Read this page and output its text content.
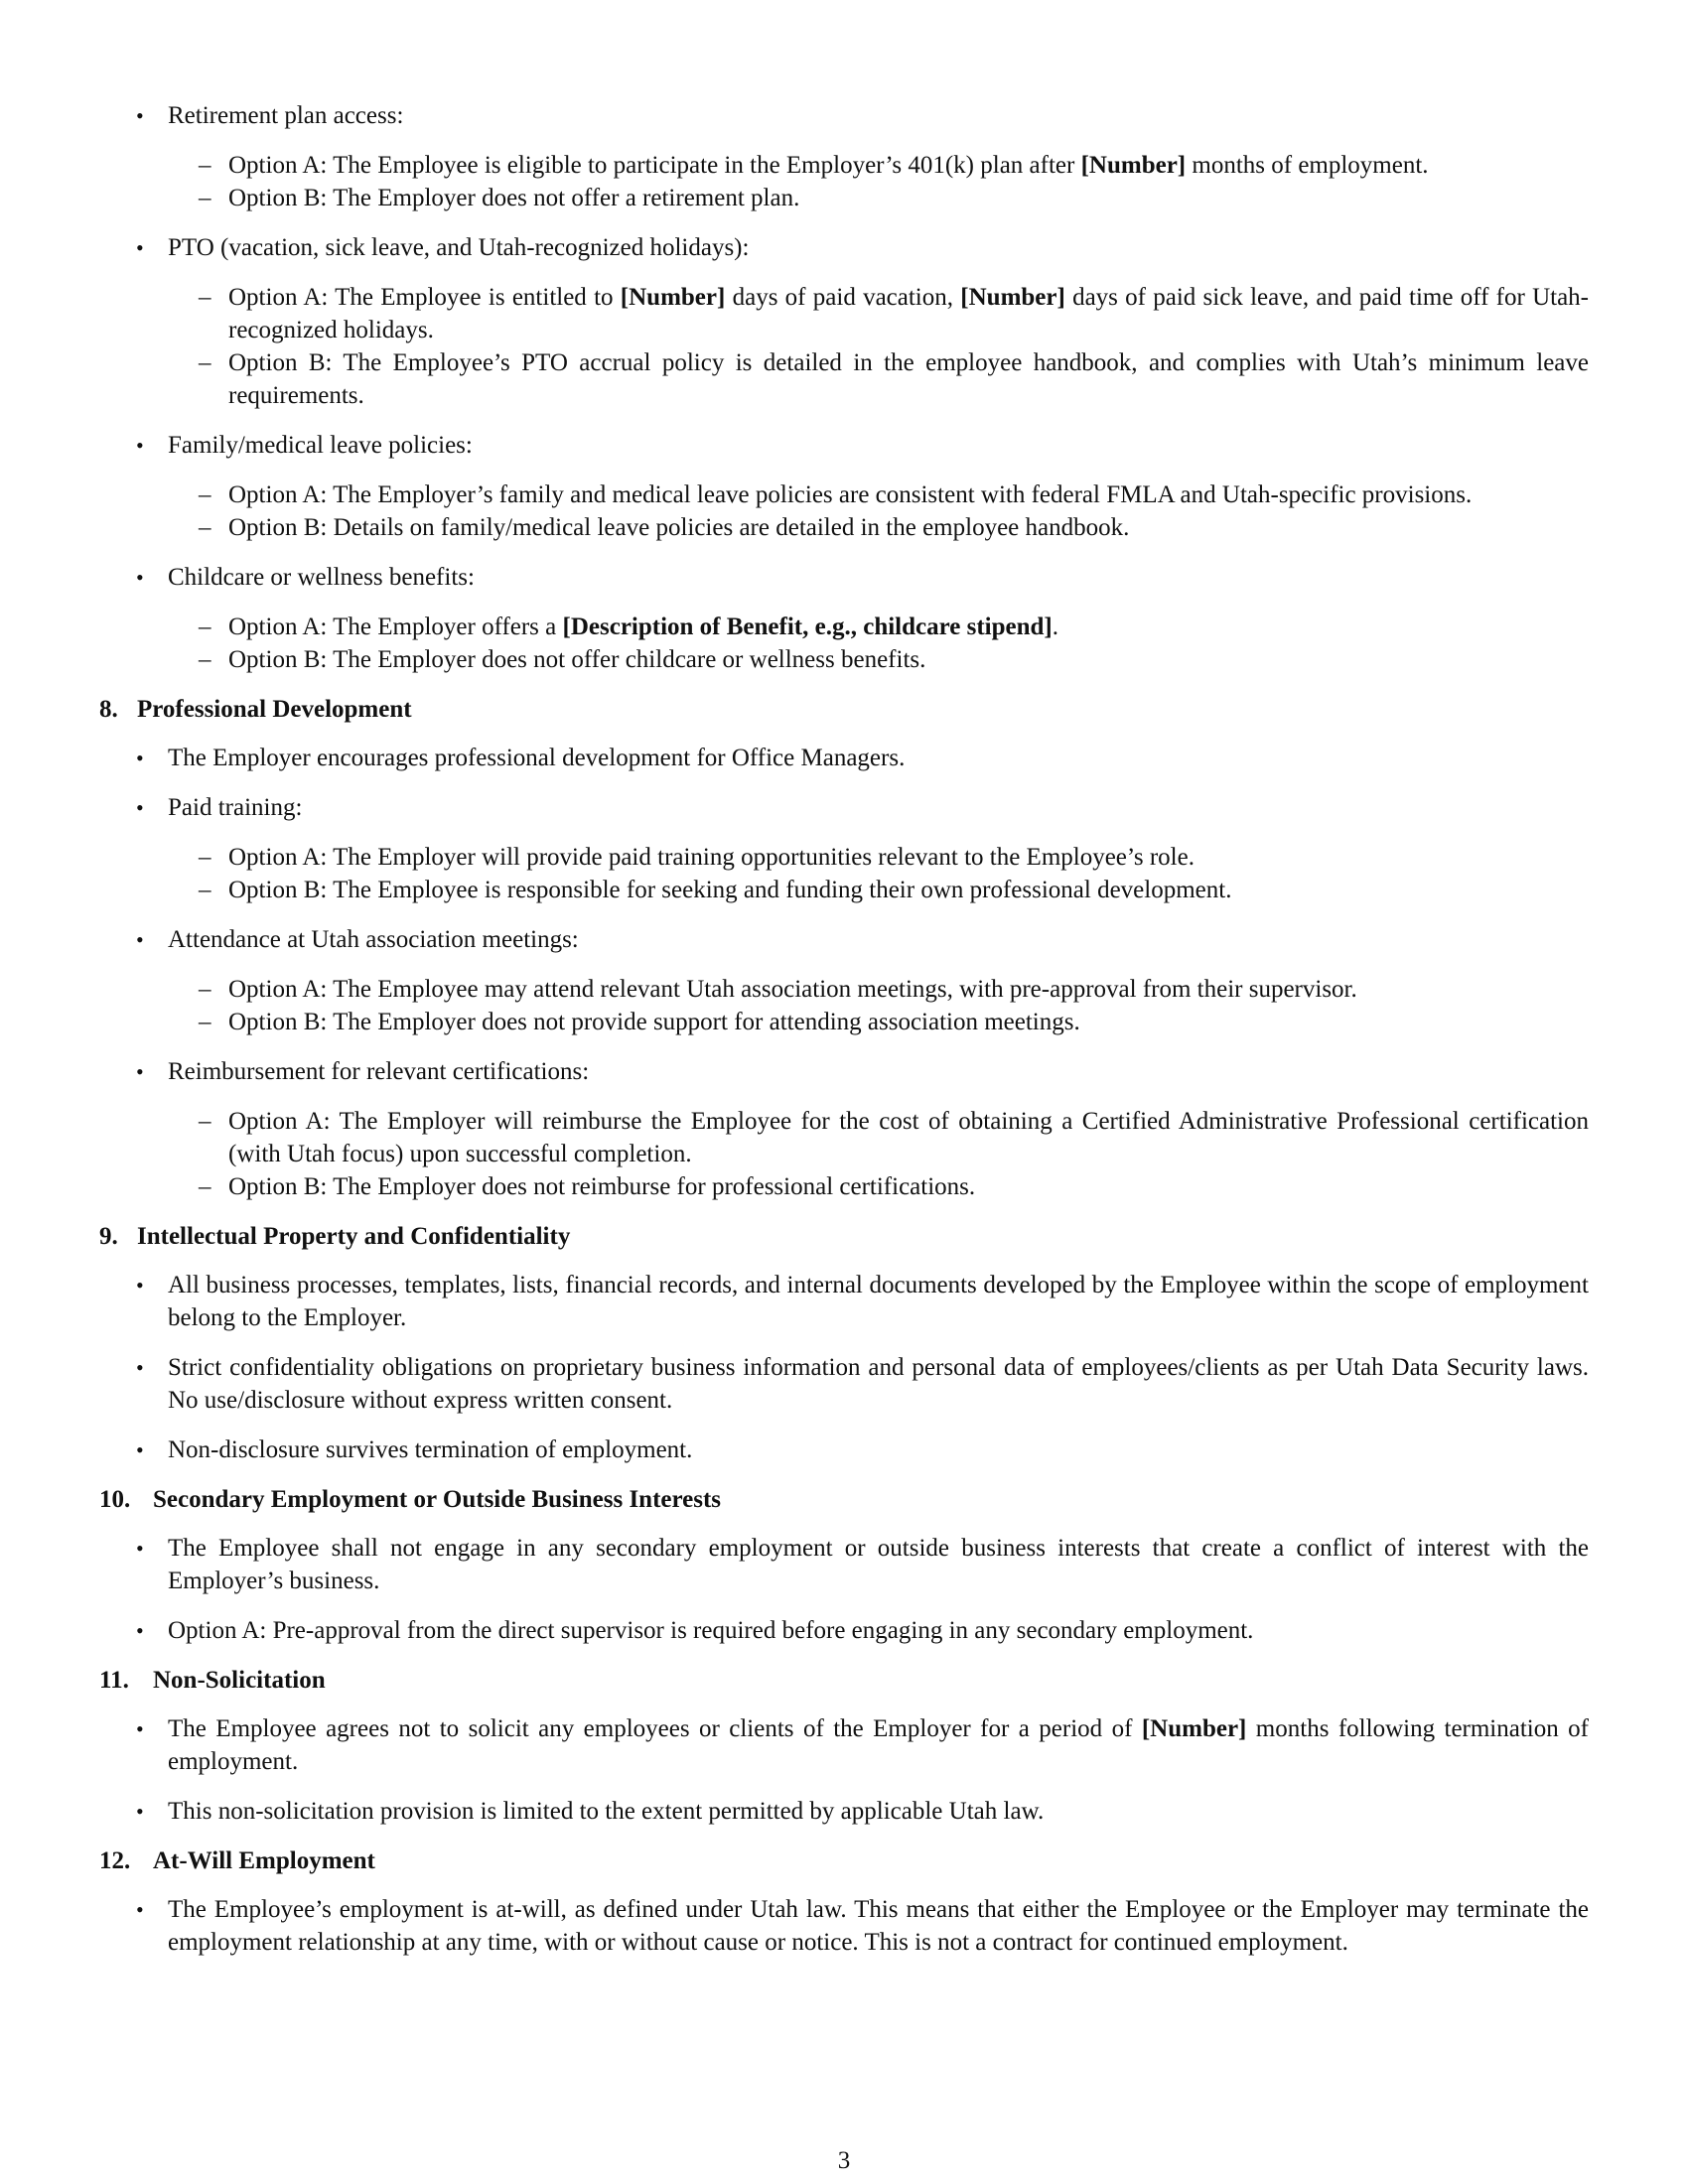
• Retirement plan access:
– Option A: The Employee is eligible to participate in the Employer’s 401(k) plan after [Number] months of employment.
– Option B: The Employer does not offer a retirement plan.
• PTO (vacation, sick leave, and Utah-recognized holidays):
– Option A: The Employee is entitled to [Number] days of paid vacation, [Number] days of paid sick leave, and paid time off for Utah-recognized holidays.
– Option B: The Employee’s PTO accrual policy is detailed in the employee handbook, and complies with Utah’s minimum leave requirements.
• Family/medical leave policies:
– Option A: The Employer’s family and medical leave policies are consistent with federal FMLA and Utah-specific provisions.
– Option B: Details on family/medical leave policies are detailed in the employee handbook.
• Childcare or wellness benefits:
– Option A: The Employer offers a [Description of Benefit, e.g., childcare stipend].
– Option B: The Employer does not offer childcare or wellness benefits.
8. Professional Development
• The Employer encourages professional development for Office Managers.
• Paid training:
– Option A: The Employer will provide paid training opportunities relevant to the Employee’s role.
– Option B: The Employee is responsible for seeking and funding their own professional development.
• Attendance at Utah association meetings:
– Option A: The Employee may attend relevant Utah association meetings, with pre-approval from their supervisor.
– Option B: The Employer does not provide support for attending association meetings.
• Reimbursement for relevant certifications:
– Option A: The Employer will reimburse the Employee for the cost of obtaining a Certified Administrative Professional certification (with Utah focus) upon successful completion.
– Option B: The Employer does not reimburse for professional certifications.
9. Intellectual Property and Confidentiality
• All business processes, templates, lists, financial records, and internal documents developed by the Employee within the scope of employment belong to the Employer.
• Strict confidentiality obligations on proprietary business information and personal data of employees/clients as per Utah Data Security laws. No use/disclosure without express written consent.
• Non-disclosure survives termination of employment.
10. Secondary Employment or Outside Business Interests
• The Employee shall not engage in any secondary employment or outside business interests that create a conflict of interest with the Employer’s business.
• Option A: Pre-approval from the direct supervisor is required before engaging in any secondary employment.
11. Non-Solicitation
• The Employee agrees not to solicit any employees or clients of the Employer for a period of [Number] months following termination of employment.
• This non-solicitation provision is limited to the extent permitted by applicable Utah law.
12. At-Will Employment
• The Employee’s employment is at-will, as defined under Utah law. This means that either the Employee or the Employer may terminate the employment relationship at any time, with or without cause or notice. This is not a contract for continued employment.
3
